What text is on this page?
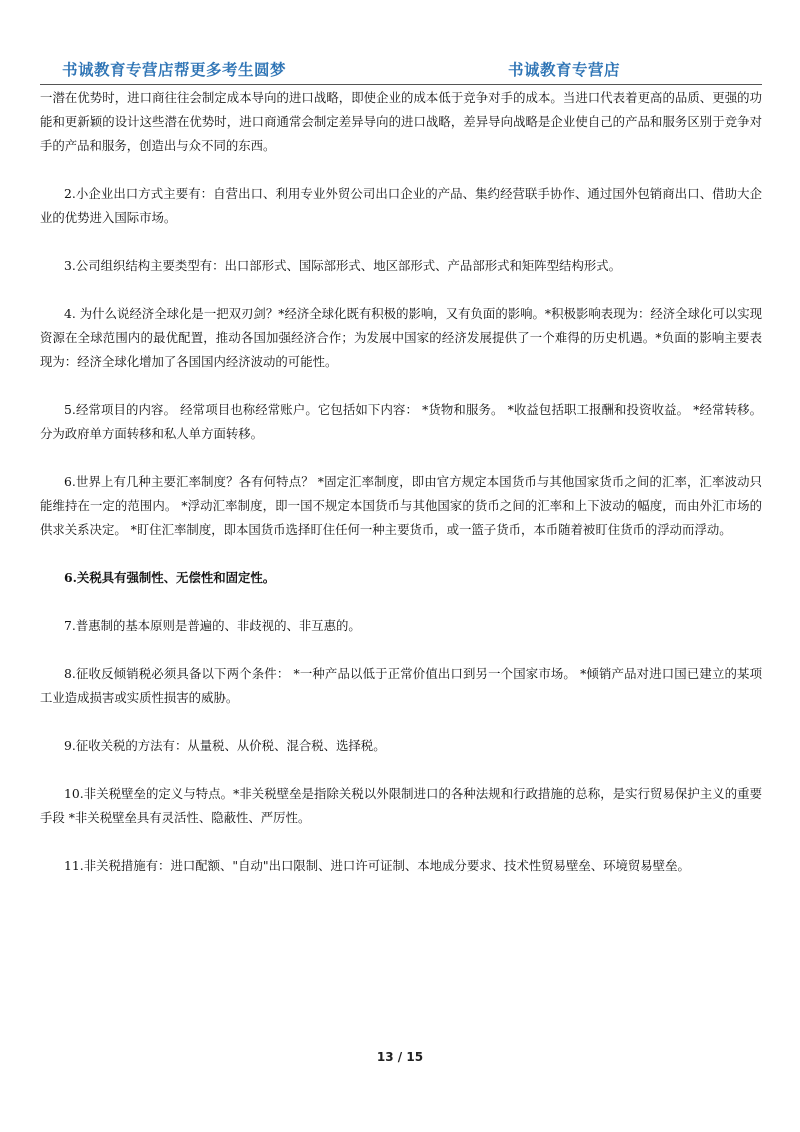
书诚教育专营店帮更多考生圆梦	书诚教育专营店

一潜在优势时，进口商往往会制定成本导向的进口战略，即使企业的成本低于竞争对手的成本。当进口代表着更高的品质、更强的功能和更新颖的设计这些潜在优势时，进口商通常会制定差异导向的进口战略，差异导向战略是企业使自己的产品和服务区别于竞争对手的产品和服务，创造出与众不同的东西。

2.小企业出口方式主要有：自营出口、利用专业外贸公司出口企业的产品、集约经营联手协作、通过国外包销商出口、借助大企业的优势进入国际市场。

3.公司组织结构主要类型有：出口部形式、国际部形式、地区部形式、产品部形式和矩阵型结构形式。

4. 为什么说经济全球化是一把双刃剑？*经济全球化既有积极的影响，又有负面的影响。*积极影响表现为：经济全球化可以实现资源在全球范围内的最优配置，推动各国加强经济合作；为发展中国家的经济发展提供了一个难得的历史机遇。*负面的影响主要表现为：经济全球化增加了各国国内经济波动的可能性。

5.经常项目的内容。 经常项目也称经常账户。它包括如下内容： *货物和服务。 *收益包括职工报酬和投资收益。 *经常转移。分为政府单方面转移和私人单方面转移。

6.世界上有几种主要汇率制度？各有何特点？ *固定汇率制度，即由官方规定本国货币与其他国家货币之间的汇率，汇率波动只能维持在一定的范围内。 *浮动汇率制度，即一国不规定本国货币与其他国家的货币之间的汇率和上下波动的幅度，而由外汇市场的供求关系决定。 *盯住汇率制度，即本国货币选择盯住任何一种主要货币，或一篮子货币，本币随着被盯住货币的浮动而浮动。

6.关税具有强制性、无偿性和固定性。

7.普惠制的基本原则是普遍的、非歧视的、非互惠的。

8.征收反倾销税必须具备以下两个条件： *一种产品以低于正常价值出口到另一个国家市场。 *倾销产品对进口国已建立的某项工业造成损害或实质性损害的威胁。

9.征收关税的方法有：从量税、从价税、混合税、选择税。

10.非关税壁垒的定义与特点。*非关税壁垒是指除关税以外限制进口的各种法规和行政措施的总称，是实行贸易保护主义的重要手段 *非关税壁垒具有灵活性、隐蔽性、严厉性。

11.非关税措施有：进口配额、"自动"出口限制、进口许可证制、本地成分要求、技术性贸易壁垒、环境贸易壁垒。

13 / 15
